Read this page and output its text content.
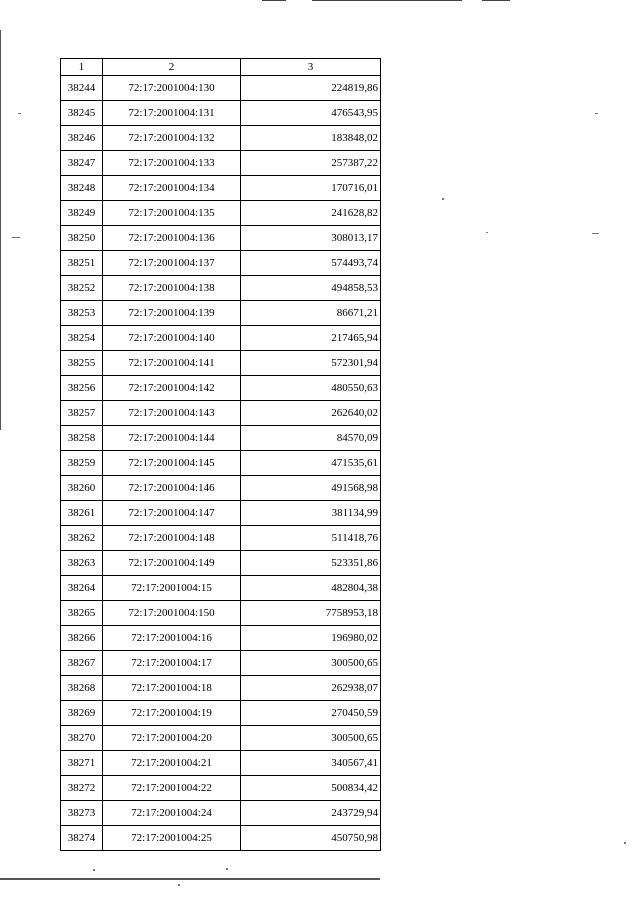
1	2	3
38244	72:17:2001004:130	224819,86
38245	72:17:2001004:131	476543,95
38246	72:17:2001004:132	183848,02
38247	72:17:2001004:133	257387,22
38248	72:17:2001004:134	170716,01
38249	72:17:2001004:135	241628,82
38250	72:17:2001004:136	308013,17
38251	72:17:2001004:137	574493,74
38252	72:17:2001004:138	494858,53
38253	72:17:2001004:139	86671,21
38254	72:17:2001004:140	217465,94
38255	72:17:2001004:141	572301,94
38256	72:17:2001004:142	480550,63
38257	72:17:2001004:143	262640,02
38258	72:17:2001004:144	84570,09
38259	72:17:2001004:145	471535,61
38260	72:17:2001004:146	491568,98
38261	72:17:2001004:147	381134,99
38262	72:17:2001004:148	511418,76
38263	72:17:2001004:149	523351,86
38264	72:17:2001004:15	482804,38
38265	72:17:2001004:150	7758953,18
38266	72:17:2001004:16	196980,02
38267	72:17:2001004:17	300500,65
38268	72:17:2001004:18	262938,07
38269	72:17:2001004:19	270450,59
38270	72:17:2001004:20	300500,65
38271	72:17:2001004:21	340567,41
38272	72:17:2001004:22	500834,42
38273	72:17:2001004:24	243729,94
38274	72:17:2001004:25	450750,98
